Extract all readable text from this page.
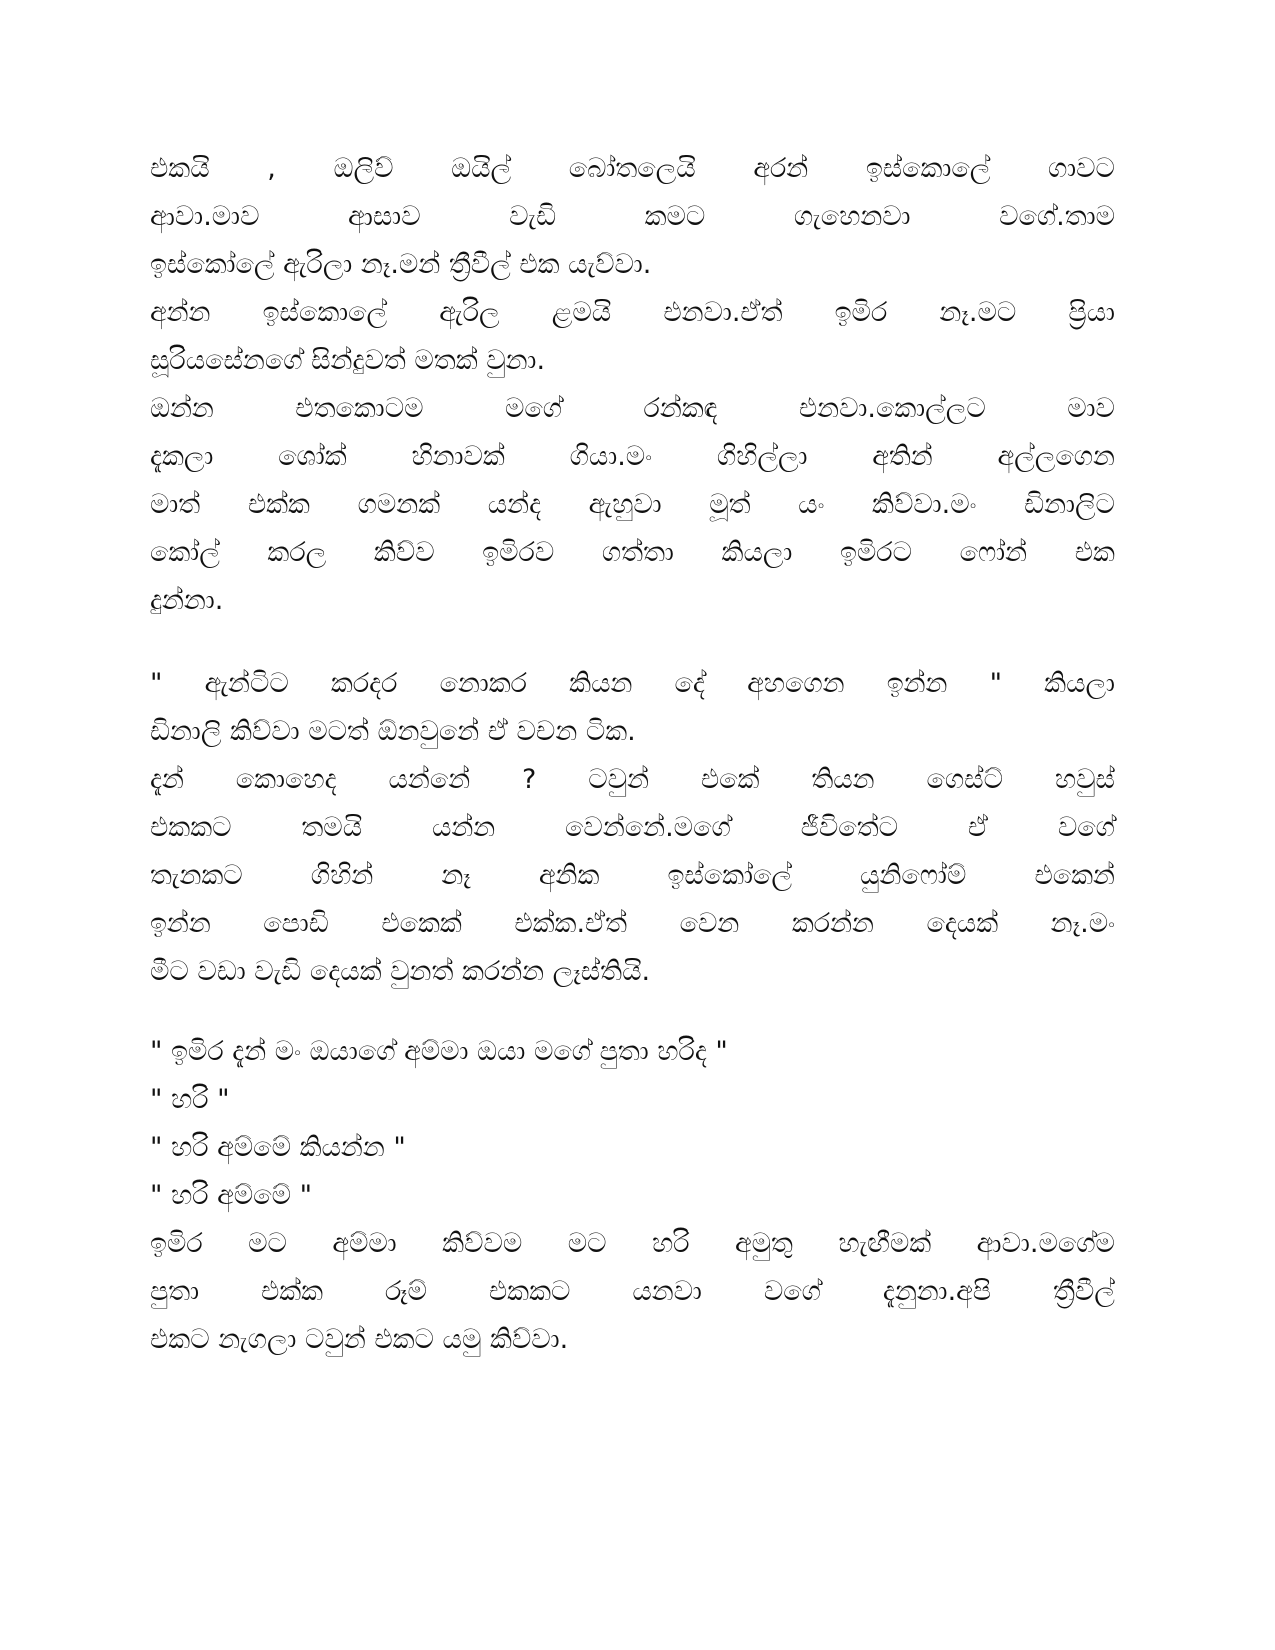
එකයි , ඔලිව් ඔයිල් බෝතලෙයි අරන් ඉස්කොලේ ගාවට
ආවා.මාව	ආසාව	වැඩි	කමට	ගැහෙනවා	වගේ.තාම
ඉස්කෝලේ ඇරිලා නෑ.මන් ත්‍රීවීල් එක යැව්වා.
අන්න ඉස්කොලේ ඇරිල ළමයි එනවා.ඒත් ඉමිර නෑ.මට ප්‍රියා
සූරියසේනගේ සින්දුවත් මතක් වුනා.
ඔන්න	එතකොටම	මගේ	රන්කඳ	එනවා.කොල්ලට	මාව
දැකලා ශෝක් හිනාවක් ගියා.මං ගිහිල්ලා අතින් අල්ලගෙන
මාත් එක්ක ගමනක් යන්ද ඇහුවා මූත් යං කිව්වා.මං ඩිනාලිට
කෝල් කරල කිව්ව ඉමිරව ගත්තා කියලා ඉමිරට ෆෝන් එක
දුන්නා.
" ඇන්ටිට කරදර නොකර කියන දේ අහගෙන ඉන්න " කියලා
ඩිනාලි කිව්වා මටත් ඕනවුනේ ඒ වචන ටික.
දැන් කොහෙද යන්නේ ? ටවුන් එකේ තියන ගෙස්ට් හවුස්
එකකට	තමයි	යන්න	වෙන්නේ.මගේ	ජීවිතේට	ඒ	වගේ
තැනකට	ගිහින්	නෑ	අනික	ඉස්කෝලේ	යුනිෆෝම්	එකෙන්
ඉන්න පොඩි එකෙක් එක්ක.ඒත් වෙන කරන්න දෙයක් නෑ.මං
මීට වඩා වැඩි දෙයක් වුනත් කරන්න ලෑස්තියි.
" ඉමිර දැන් මං ඔයාගේ අම්මා ඔයා මගේ පුතා හරිද "
" හරි "
" හරි අම්මේ කියන්න "
" හරි අම්මේ "
ඉමිර මට අම්මා කිව්වම මට හරි අමුතු හැඟීමක් ආවා.මගේම
පුතා එක්ක රූම් එකකට යනවා වගේ දැනුනා.අපි ත්‍රීවීල්
එකට නැගලා ටවුන් එකට යමු කිව්වා.
